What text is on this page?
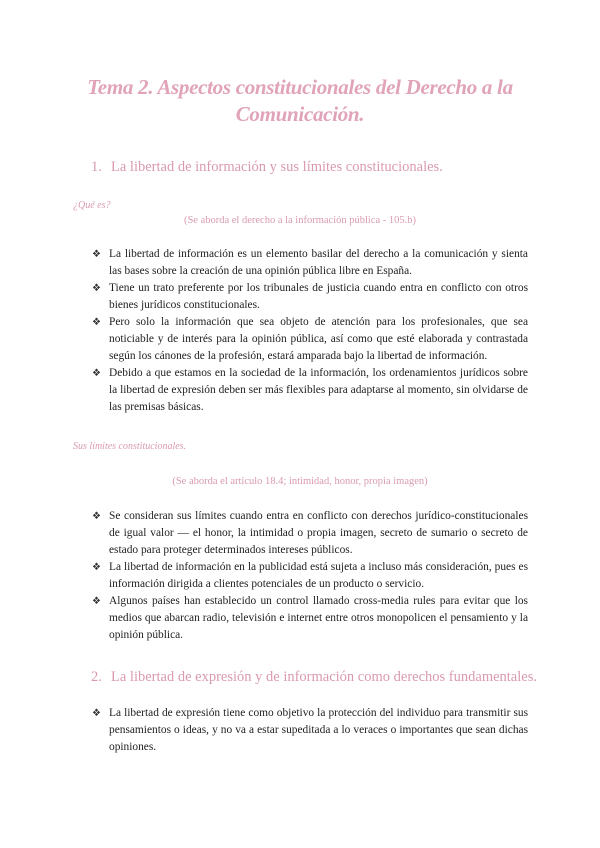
Tema 2. Aspectos constitucionales del Derecho a la Comunicación.
1. La libertad de información y sus límites constitucionales.
¿Qué es?
(Se aborda el derecho a la información pública - 105.b)
❖ La libertad de información es un elemento basilar del derecho a la comunicación y sienta las bases sobre la creación de una opinión pública libre en España.
❖ Tiene un trato preferente por los tribunales de justicia cuando entra en conflicto con otros bienes jurídicos constitucionales.
❖ Pero solo la información que sea objeto de atención para los profesionales, que sea noticiable y de interés para la opinión pública, así como que esté elaborada y contrastada según los cánones de la profesión, estará amparada bajo la libertad de información.
❖ Debido a que estamos en la sociedad de la información, los ordenamientos jurídicos sobre la libertad de expresión deben ser más flexibles para adaptarse al momento, sin olvidarse de las premisas básicas.
Sus límites constitucionales.
(Se aborda el artículo 18.4; intimidad, honor, propia imagen)
❖ Se consideran sus límites cuando entra en conflicto con derechos jurídico-constitucionales de igual valor — el honor, la intimidad o propia imagen, secreto de sumario o secreto de estado para proteger determinados intereses públicos.
❖ La libertad de información en la publicidad está sujeta a incluso más consideración, pues es información dirigida a clientes potenciales de un producto o servicio.
❖ Algunos países han establecido un control llamado cross-media rules para evitar que los medios que abarcan radio, televisión e internet entre otros monopolicen el pensamiento y la opinión pública.
2. La libertad de expresión y de información como derechos fundamentales.
❖ La libertad de expresión tiene como objetivo la protección del individuo para transmitir sus pensamientos o ideas, y no va a estar supeditada a lo veraces o importantes que sean dichas opiniones.
